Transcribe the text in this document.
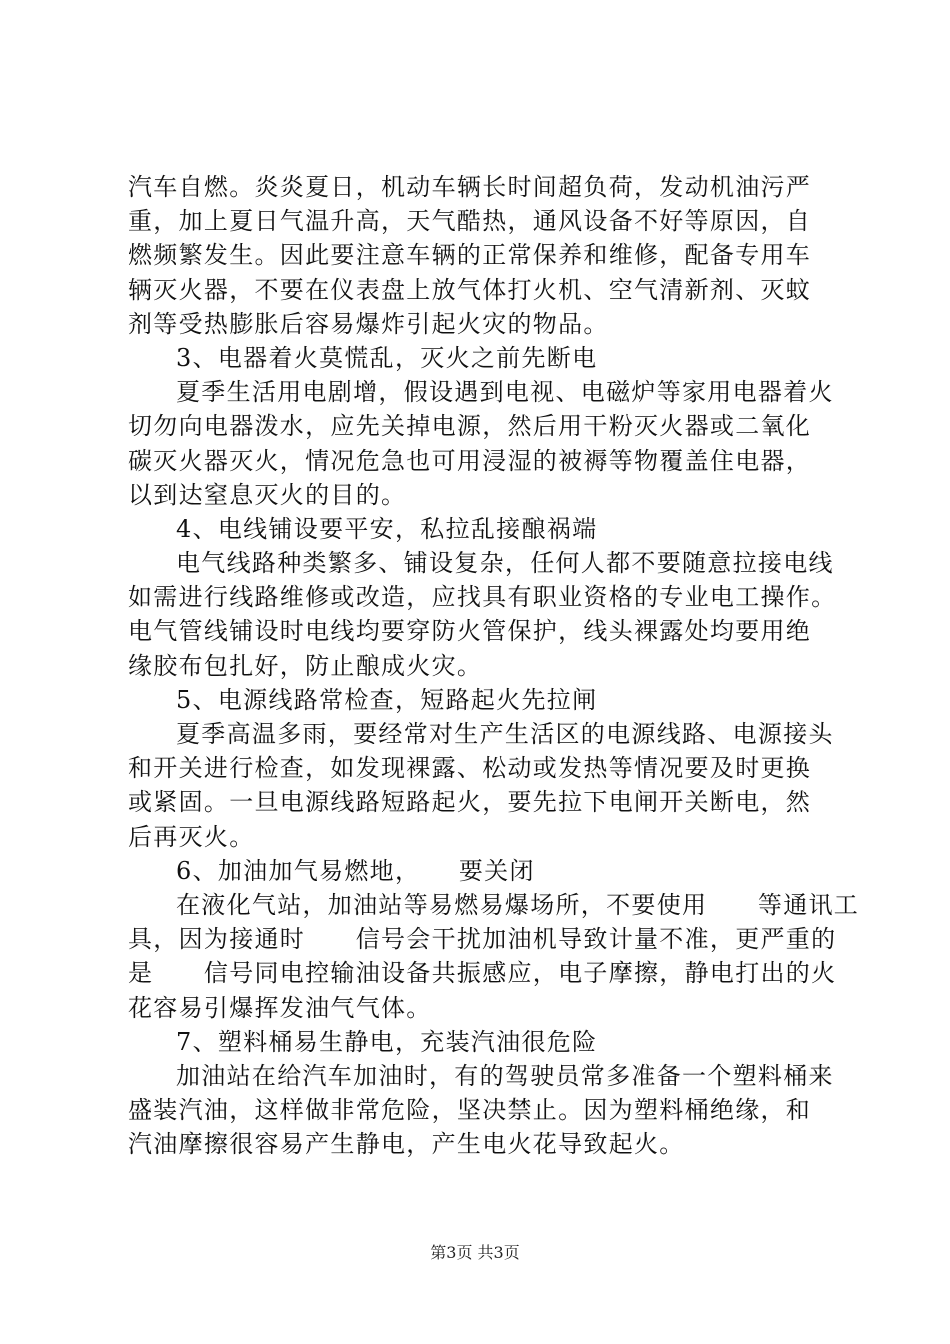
汽车自燃。炎炎夏日，机动车辆长时间超负荷，发动机油污严
重，加上夏日气温升高，天气酷热，通风设备不好等原因，自
燃频繁发生。因此要注意车辆的正常保养和维修，配备专用车
辆灭火器，不要在仪表盘上放气体打火机、空气清新剂、灭蚊
剂等受热膨胀后容易爆炸引起火灾的物品。
3、电器着火莫慌乱，灭火之前先断电
夏季生活用电剧增，假设遇到电视、电磁炉等家用电器着火
切勿向电器泼水，应先关掉电源，然后用干粉灭火器或二氧化
碳灭火器灭火，情况危急也可用浸湿的被褥等物覆盖住电器，
以到达窒息灭火的目的。
4、电线铺设要平安，私拉乱接酿祸端
电气线路种类繁多、铺设复杂，任何人都不要随意拉接电线
如需进行线路维修或改造，应找具有职业资格的专业电工操作。
电气管线铺设时电线均要穿防火管保护，线头裸露处均要用绝
缘胶布包扎好，防止酿成火灾。
5、电源线路常检查，短路起火先拉闸
夏季高温多雨，要经常对生产生活区的电源线路、电源接头
和开关进行检查，如发现裸露、松动或发热等情况要及时更换
或紧固。一旦电源线路短路起火，要先拉下电闸开关断电，然
后再灭火。
6、加油加气易燃地，　　要关闭
在液化气站，加油站等易燃易爆场所，不要使用　　等通讯工
具，因为接通时　　信号会干扰加油机导致计量不准，更严重的
是　　信号同电控输油设备共振感应，电子摩擦，静电打出的火
花容易引爆挥发油气气体。
7、塑料桶易生静电，充装汽油很危险
加油站在给汽车加油时，有的驾驶员常多准备一个塑料桶来
盛装汽油，这样做非常危险，坚决禁止。因为塑料桶绝缘，和
汽油摩擦很容易产生静电，产生电火花导致起火。
第3页 共3页
